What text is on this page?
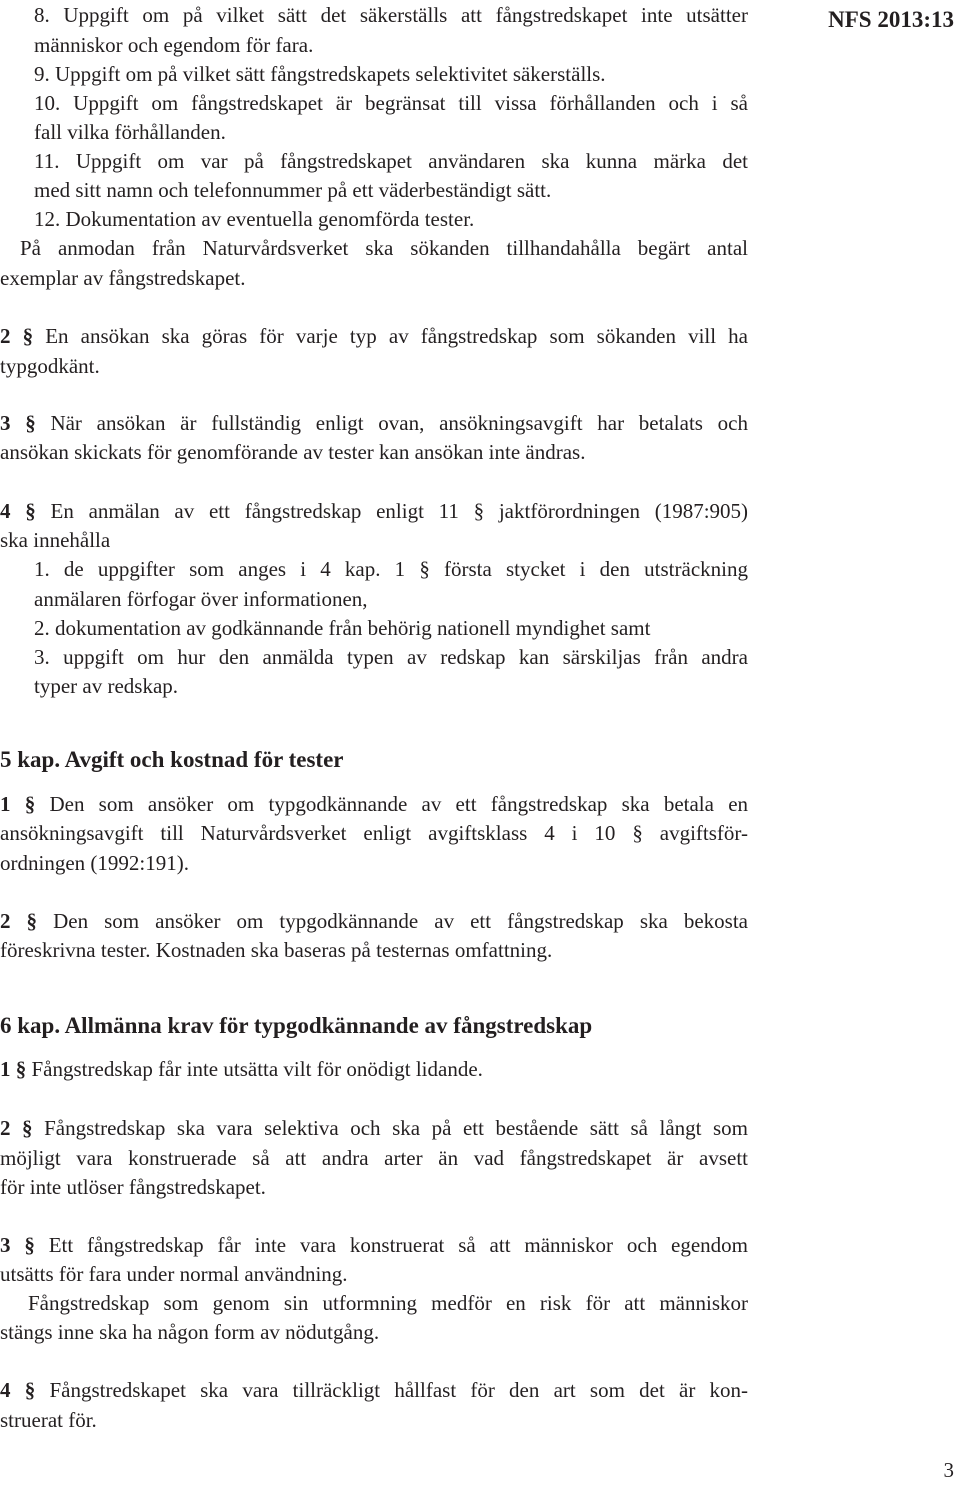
NFS 2013:13
8. Uppgift om på vilket sätt det säkerställs att fångstredskapet inte utsätter
människor och egendom för fara.
9. Uppgift om på vilket sätt fångstredskapets selektivitet säkerställs.
10. Uppgift om fångstredskapet är begränsat till vissa förhållanden och i så
fall vilka förhållanden.
11. Uppgift om var på fångstredskapet användaren ska kunna märka det
med sitt namn och telefonnummer på ett väderbeständigt sätt.
12. Dokumentation av eventuella genomförda tester.
På anmodan från Naturvårdsverket ska sökanden tillhandahålla begärt antal
exemplar av fångstredskapet.
2 § En ansökan ska göras för varje typ av fångstredskap som sökanden vill ha
typgodkänt.
3 § När ansökan är fullständig enligt ovan, ansökningsavgift har betalats och
ansökan skickats för genomförande av tester kan ansökan inte ändras.
4 § En anmälan av ett fångstredskap enligt 11 § jaktförordningen (1987:905)
ska innehålla
1. de uppgifter som anges i 4 kap. 1 § första stycket i den utsträckning
anmälaren förfogar över informationen,
2. dokumentation av godkännande från behörig nationell myndighet samt
3. uppgift om hur den anmälda typen av redskap kan särskiljas från andra
typer av redskap.
5 kap. Avgift och kostnad för tester
1 § Den som ansöker om typgodkännande av ett fångstredskap ska betala en
ansökningsavgift till Naturvårdsverket enligt avgiftsklass 4 i 10 § avgiftsför-
ordningen (1992:191).
2 § Den som ansöker om typgodkännande av ett fångstredskap ska bekosta
föreskrivna tester. Kostnaden ska baseras på testernas omfattning.
6 kap. Allmänna krav för typgodkännande av fångstredskap
1 § Fångstredskap får inte utsätta vilt för onödigt lidande.
2 § Fångstredskap ska vara selektiva och ska på ett bestående sätt så långt som
möjligt vara konstruerade så att andra arter än vad fångstredskapet är avsett
för inte utlöser fångstredskapet.
3 § Ett fångstredskap får inte vara konstruerat så att människor och egendom
utsätts för fara under normal användning.
Fångstredskap som genom sin utformning medför en risk för att människor
stängs inne ska ha någon form av nödutgång.
4 § Fångstredskapet ska vara tillräckligt hållfast för den art som det är kon-
struerat för.
3
